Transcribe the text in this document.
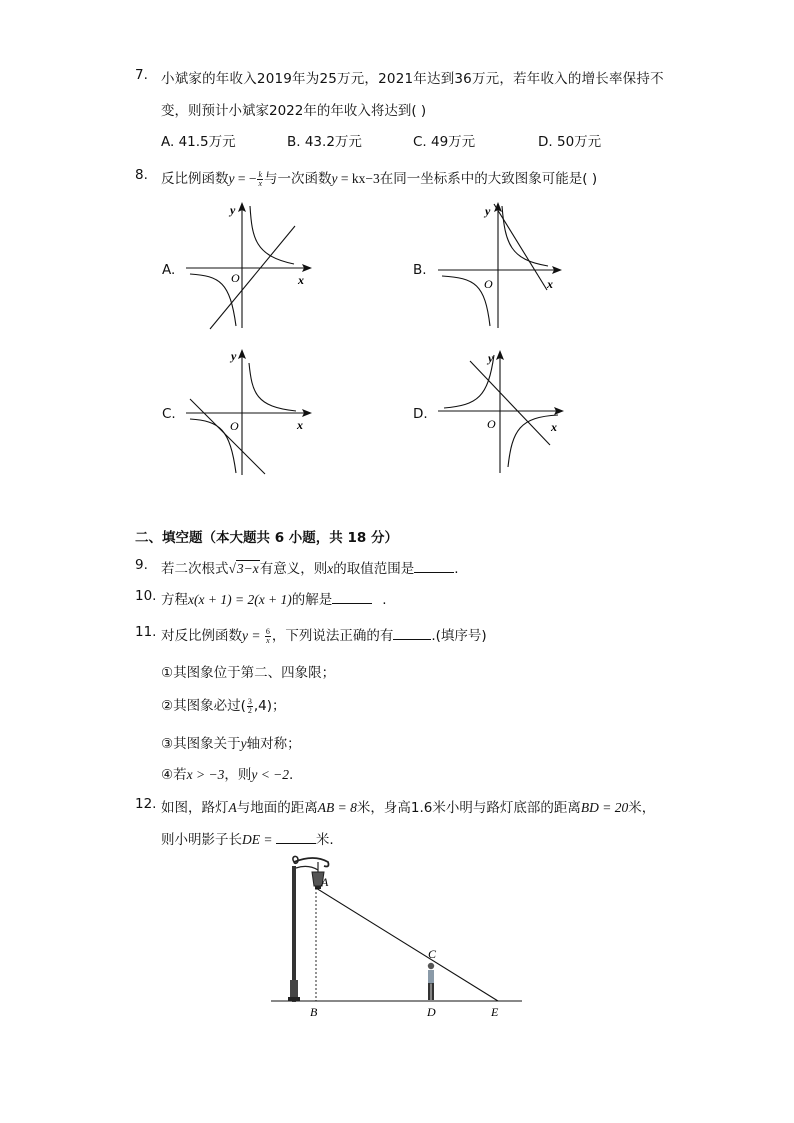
7. 小斌家的年收入2019年为25万元，2021年达到36万元，若年收入的增长率保持不
变，则预计小斌家2022年的年收入将达到( )
A. 41.5万元	B. 43.2万元	C. 49万元	D. 50万元
8. 反比例函数y = − $\frac{k}{x}$ 与一次函数y = kx−3在同一坐标系中的大致图象可能是( )
A.
y
x
O	B.
y
x
O
C.
y
x
O
D.
y
x
O
二、填空题（本大题共 6 小题，共 18 分）
9. 若二次根式√3−x有意义，则x的取值范围是	.
10. 方程x(x + 1) = 2(x + 1)的解是	.
11. 对反比例函数$y = \frac{6}{x}$ ，下列说法正确的有	.(填序号)
①其图象位于第二、四象限；
②其图象必过( $\frac{3}{2} ,4$)；
③其图象关于y轴对称；
④若x > −3，则y < −2.
12. 如图，路灯A与地面的距离AB = 8米，身高1.6米小明与路灯底部的距离BD = 20米，
则小明影子长DE =	米.
A
B
C
D	E
